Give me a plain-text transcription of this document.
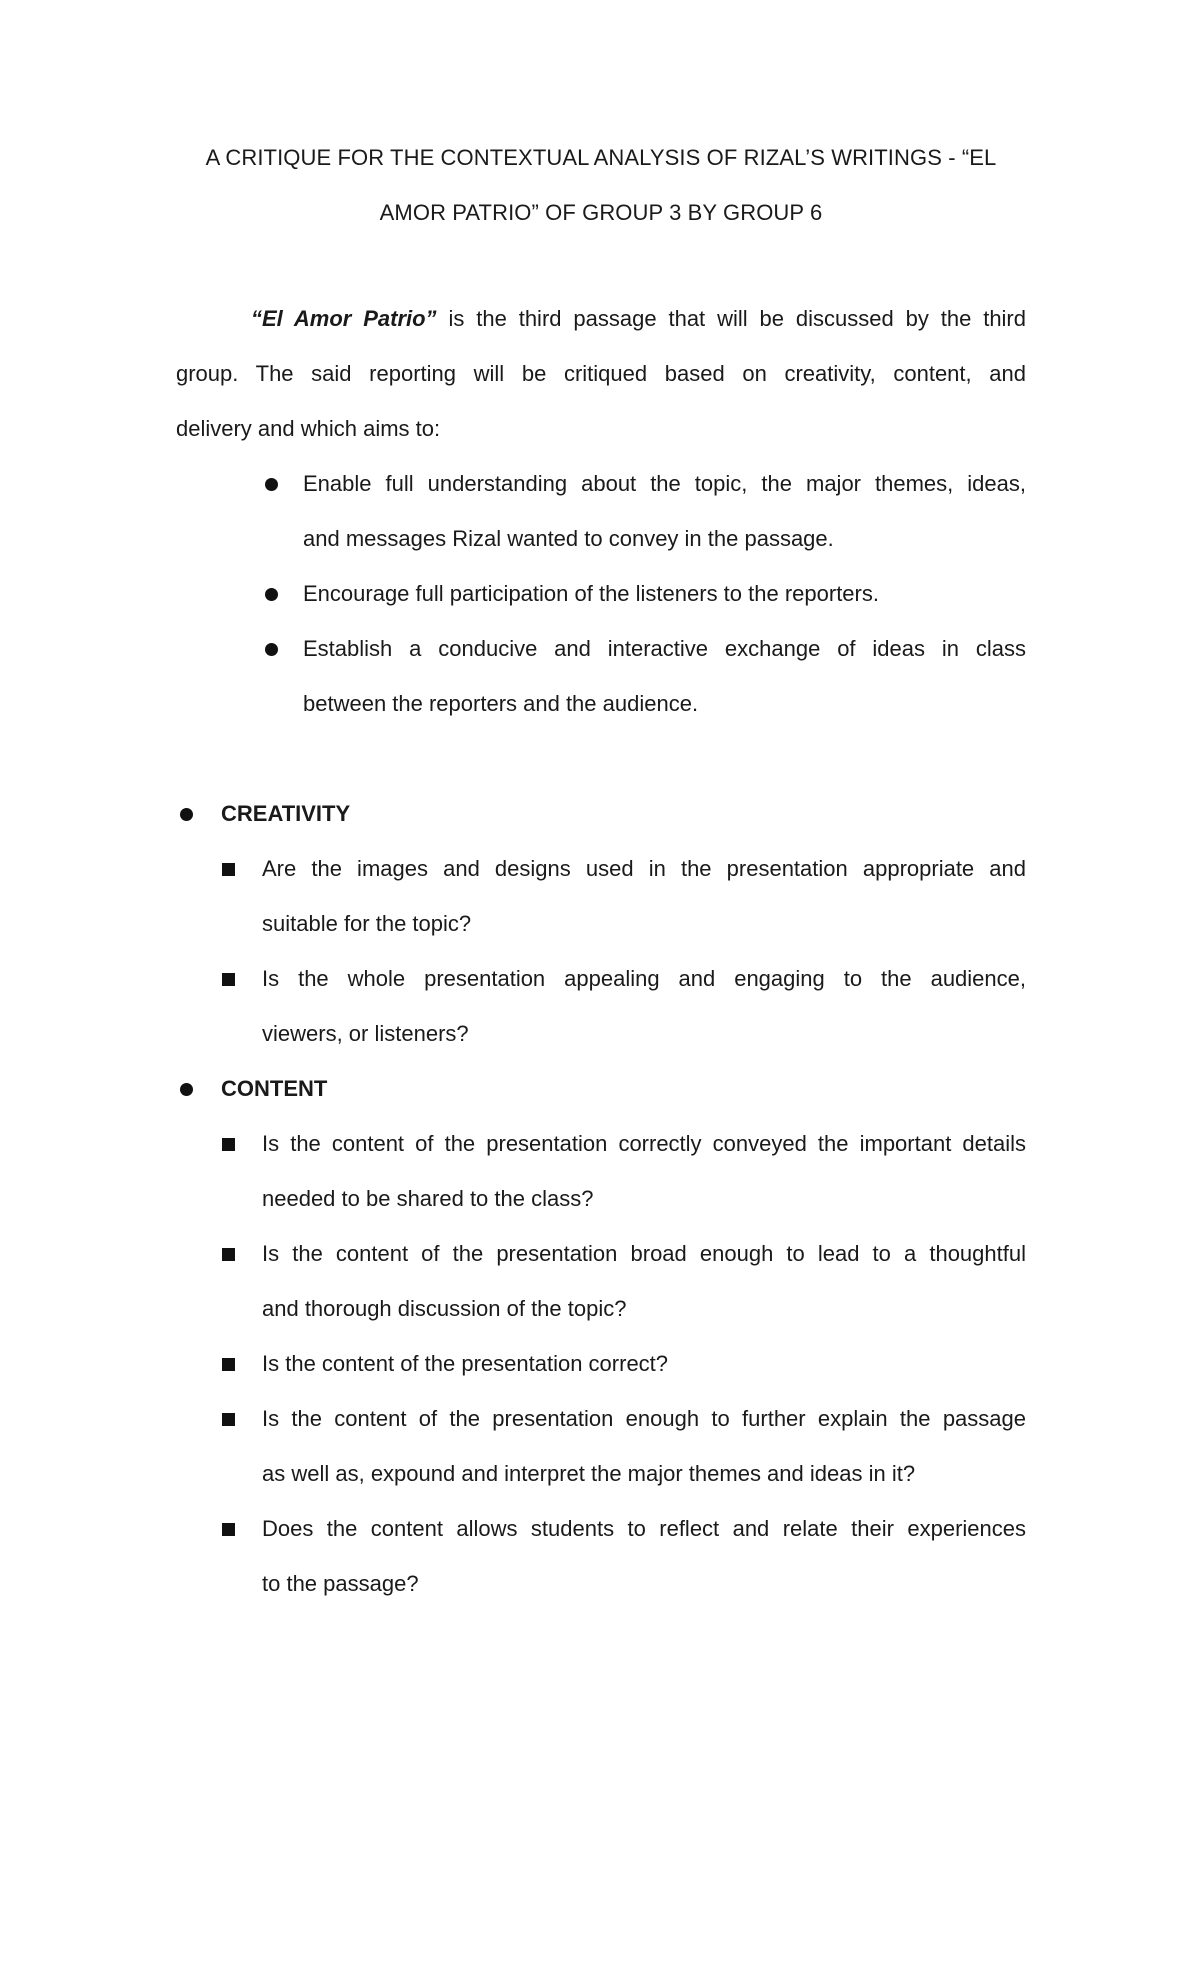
A CRITIQUE FOR THE CONTEXTUAL ANALYSIS OF RIZAL’S WRITINGS - “EL
AMOR PATRIO” OF GROUP 3 BY GROUP 6
“El Amor Patrio” is the third passage that will be discussed by the third
group. The said reporting will be critiqued based on creativity, content, and
delivery and which aims to:
Enable full understanding about the topic, the major themes, ideas,
and messages Rizal wanted to convey in the passage.
Encourage full participation of the listeners to the reporters.
Establish a conducive and interactive exchange of ideas in class
between the reporters and the audience.
CREATIVITY
Are the images and designs used in the presentation appropriate and
suitable for the topic?
Is the whole presentation appealing and engaging to the audience,
viewers, or listeners?
CONTENT
Is the content of the presentation correctly conveyed the important details
needed to be shared to the class?
Is the content of the presentation broad enough to lead to a thoughtful
and thorough discussion of the topic?
Is the content of the presentation correct?
Is the content of the presentation enough to further explain the passage
as well as, expound and interpret the major themes and ideas in it?
Does the content allows students to reflect and relate their experiences
to the passage?
